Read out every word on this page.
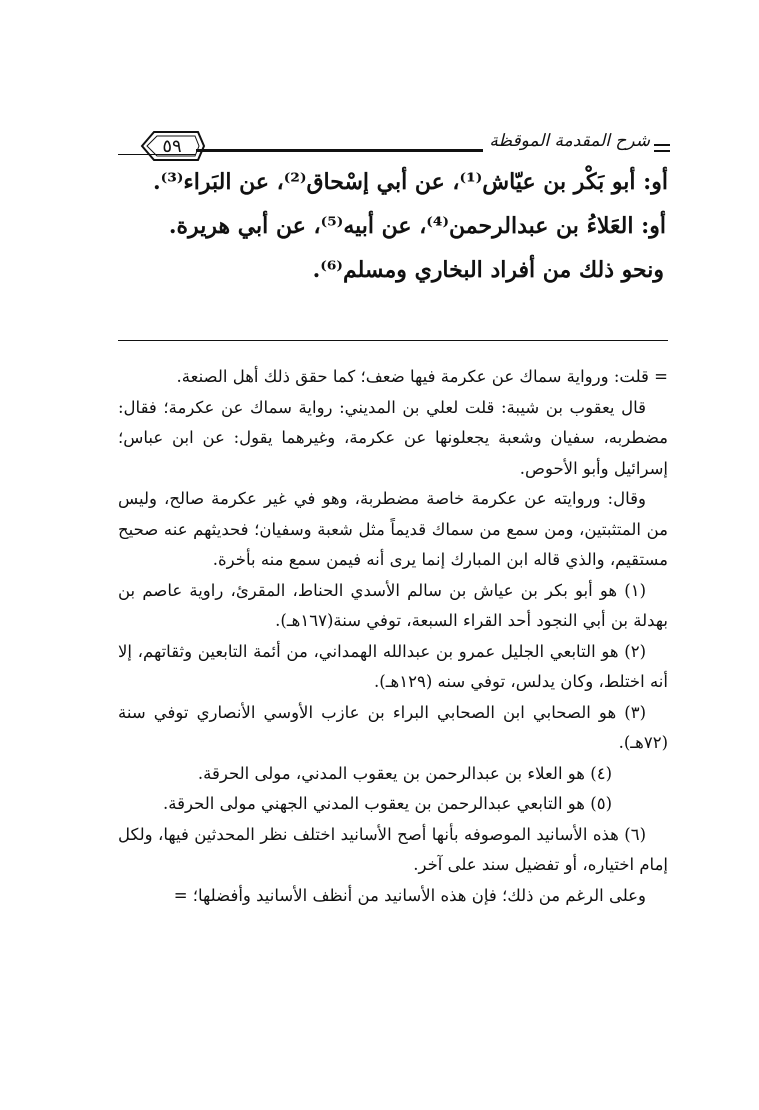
٥٩	شرح المقدمة الموقظة
أو: أبو بَكْر بن عيّاش⁽¹⁾، عن أبي إسْحاق⁽²⁾، عن البَراء⁽³⁾.
أو: العَلاءُ بن عبدالرحمن⁽⁴⁾، عن أبيه⁽⁵⁾، عن أبي هريرة.
ونحو ذلك من أفراد البخاري ومسلم⁽⁶⁾.

= قلت: ورواية سماك عن عكرمة فيها ضعف؛ كما حقق ذلك أهل الصنعة.

قال يعقوب بن شيبة: قلت لعلي بن المديني: رواية سماك عن عكرمة؛ فقال: مضطربه، سفيان وشعبة يجعلونها عن عكرمة، وغيرهما يقول: عن ابن عباس؛ إسرائيل وأبو الأحوص.

وقال: وروايته عن عكرمة خاصة مضطربة، وهو في غير عكرمة صالح، وليس من المتثبتين، ومن سمع من سماك قديماً مثل شعبة وسفيان؛ فحديثهم عنه صحيح مستقيم، والذي قاله ابن المبارك إنما يرى أنه فيمن سمع منه بأخرة.

(١) هو أبو بكر بن عياش بن سالم الأسدي الحناط، المقرئ، راوية عاصم بن بهدلة بن أبي النجود أحد القراء السبعة، توفي سنة(١٦٧هـ).

(٢) هو التابعي الجليل عمرو بن عبدالله الهمداني، من أئمة التابعين وثقاتهم، إلا أنه اختلط، وكان يدلس، توفي سنه (١٢٩هـ).

(٣) هو الصحابي ابن الصحابي البراء بن عازب الأوسي الأنصاري توفي سنة (٧٢هـ).

(٤) هو العلاء بن عبدالرحمن بن يعقوب المدني، مولى الحرقة.

(٥) هو التابعي عبدالرحمن بن يعقوب المدني الجهني مولى الحرقة.

(٦) هذه الأسانيد الموصوفه بأنها أصح الأسانيد اختلف نظر المحدثين فيها، ولكل إمام اختياره، أو تفضيل سند على آخر.

وعلى الرغم من ذلك؛ فإن هذه الأسانيد من أنظف الأسانيد وأفضلها؛ =
